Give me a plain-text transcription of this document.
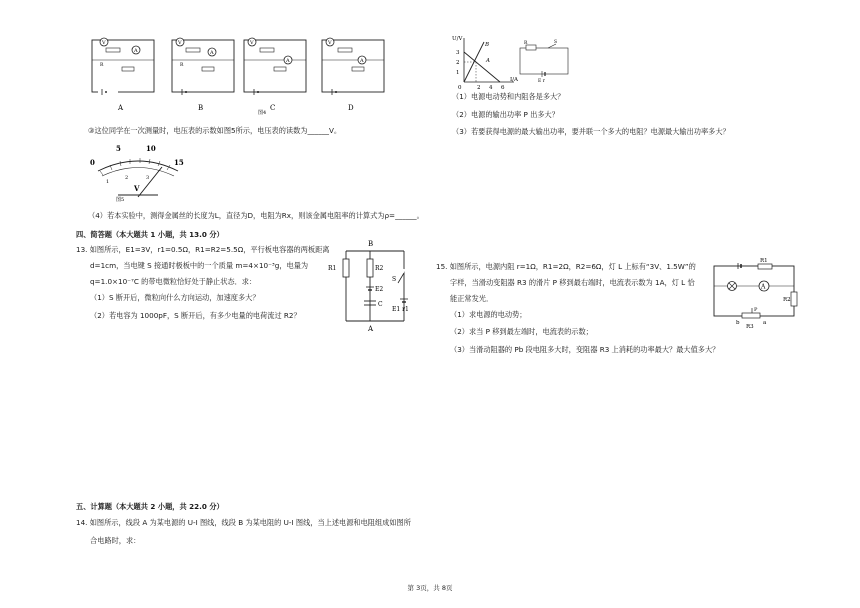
V
A
R
A
V
A
R
B
V
A
C
V
A
D
图4
③这位同学在一次测量时，电压表的示数如图5所示，电压表的读数为______V。
0
5	10
15
1
2	3
V
图5
（4）若本实验中，测得金属丝的长度为L，直径为D，电阻为Rx，则该金属电阻率的计算式为ρ=______。
四、简答题（本大题共 1 小题，共 13.0 分）
13. 如图所示，E1=3V，r1=0.5Ω，R1=R2=5.5Ω，平行板电容器的两板距离
d=1cm，当电键 S 接通时极板中的一个质量 m=4×10⁻³g，电量为
q=1.0×10⁻⁷C 的带电微粒恰好处于静止状态．求：
（1）S 断开后，微粒向什么方向运动，加速度多大？
（2）若电容为 1000pF，S 断开后，有多少电量的电荷流过 R2？
B
R1	R2
E2
C
S
E1 r1
A
五、计算题（本大题共 2 小题，共 22.0 分）
14. 如图所示，线段 A 为某电源的 U-I 图线，线段 B 为某电阻的 U-I 图线，当上述电源和电阻组成如图所
合电路时，求：
U/V
I/A
3
2
1
0	2 4 6
A
B	R	S
E r
（1）电源电动势和内阻各是多大？
（2）电源的输出功率 P 出多大？
（3）若要获得电源的最大输出功率，要并联一个多大的电阻？电源最大输出功率多大？
15. 如图所示，电源内阻 r=1Ω，R1=2Ω，R2=6Ω，灯 L 上标有“3V、1.5W”的
字样，当滑动变阻器 R3 的滑片 P 移到最右端时，电流表示数为 1A，灯 L 恰
能正常发光．
（1）求电源的电动势；
（2）求当 P 移到最左端时，电流表的示数；
（3）当滑动阻器的 Pb 段电阻多大时，变阻器 R3 上消耗的功率最大？最大值多大？
R1
A
R2
P
b	a
R3
第 3页，共 8页
